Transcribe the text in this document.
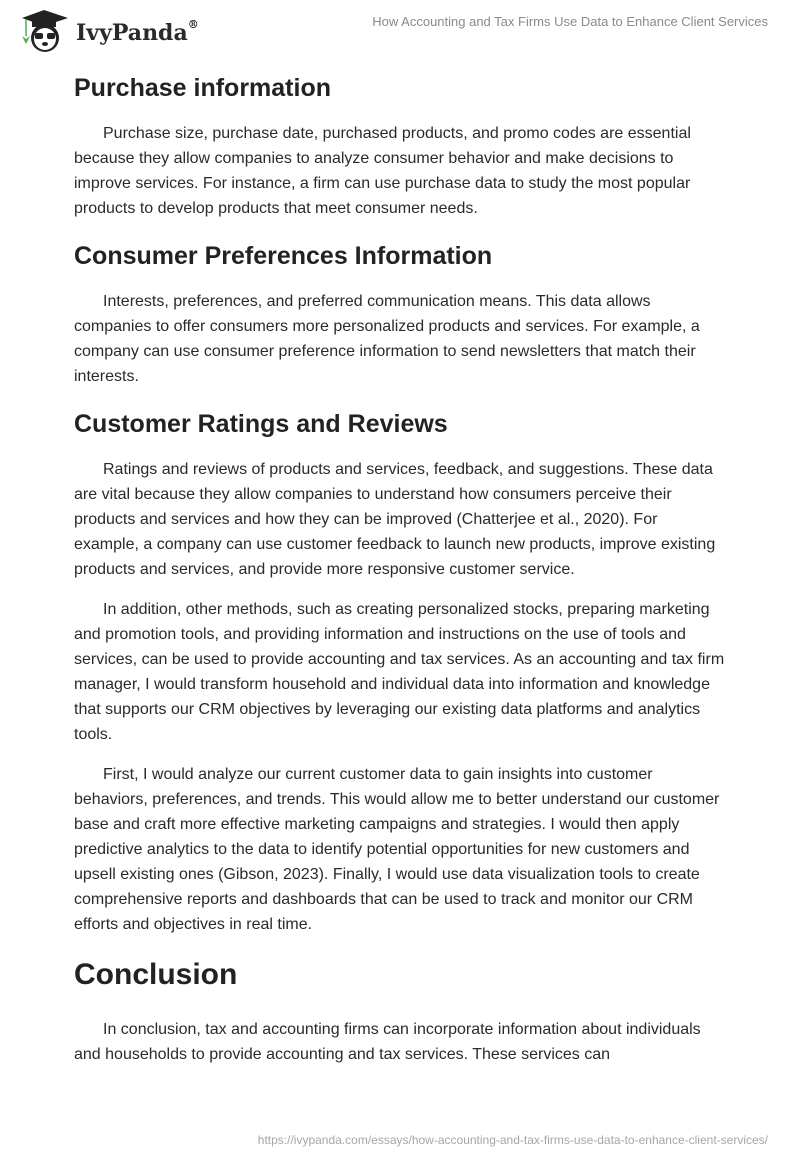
IvyPanda®	How Accounting and Tax Firms Use Data to Enhance Client Services
Purchase information

Purchase size, purchase date, purchased products, and promo codes are essential because they allow companies to analyze consumer behavior and make decisions to improve services. For instance, a firm can use purchase data to study the most popular products to develop products that meet consumer needs.

Consumer Preferences Information

Interests, preferences, and preferred communication means. This data allows companies to offer consumers more personalized products and services. For example, a company can use consumer preference information to send newsletters that match their interests.

Customer Ratings and Reviews

Ratings and reviews of products and services, feedback, and suggestions. These data are vital because they allow companies to understand how consumers perceive their products and services and how they can be improved (Chatterjee et al., 2020). For example, a company can use customer feedback to launch new products, improve existing products and services, and provide more responsive customer service.

In addition, other methods, such as creating personalized stocks, preparing marketing and promotion tools, and providing information and instructions on the use of tools and services, can be used to provide accounting and tax services. As an accounting and tax firm manager, I would transform household and individual data into information and knowledge that supports our CRM objectives by leveraging our existing data platforms and analytics tools.

First, I would analyze our current customer data to gain insights into customer behaviors, preferences, and trends. This would allow me to better understand our customer base and craft more effective marketing campaigns and strategies. I would then apply predictive analytics to the data to identify potential opportunities for new customers and upsell existing ones (Gibson, 2023). Finally, I would use data visualization tools to create comprehensive reports and dashboards that can be used to track and monitor our CRM efforts and objectives in real time.

Conclusion

In conclusion, tax and accounting firms can incorporate information about individuals and households to provide accounting and tax services. These services can

https://ivypanda.com/essays/how-accounting-and-tax-firms-use-data-to-enhance-client-services/
